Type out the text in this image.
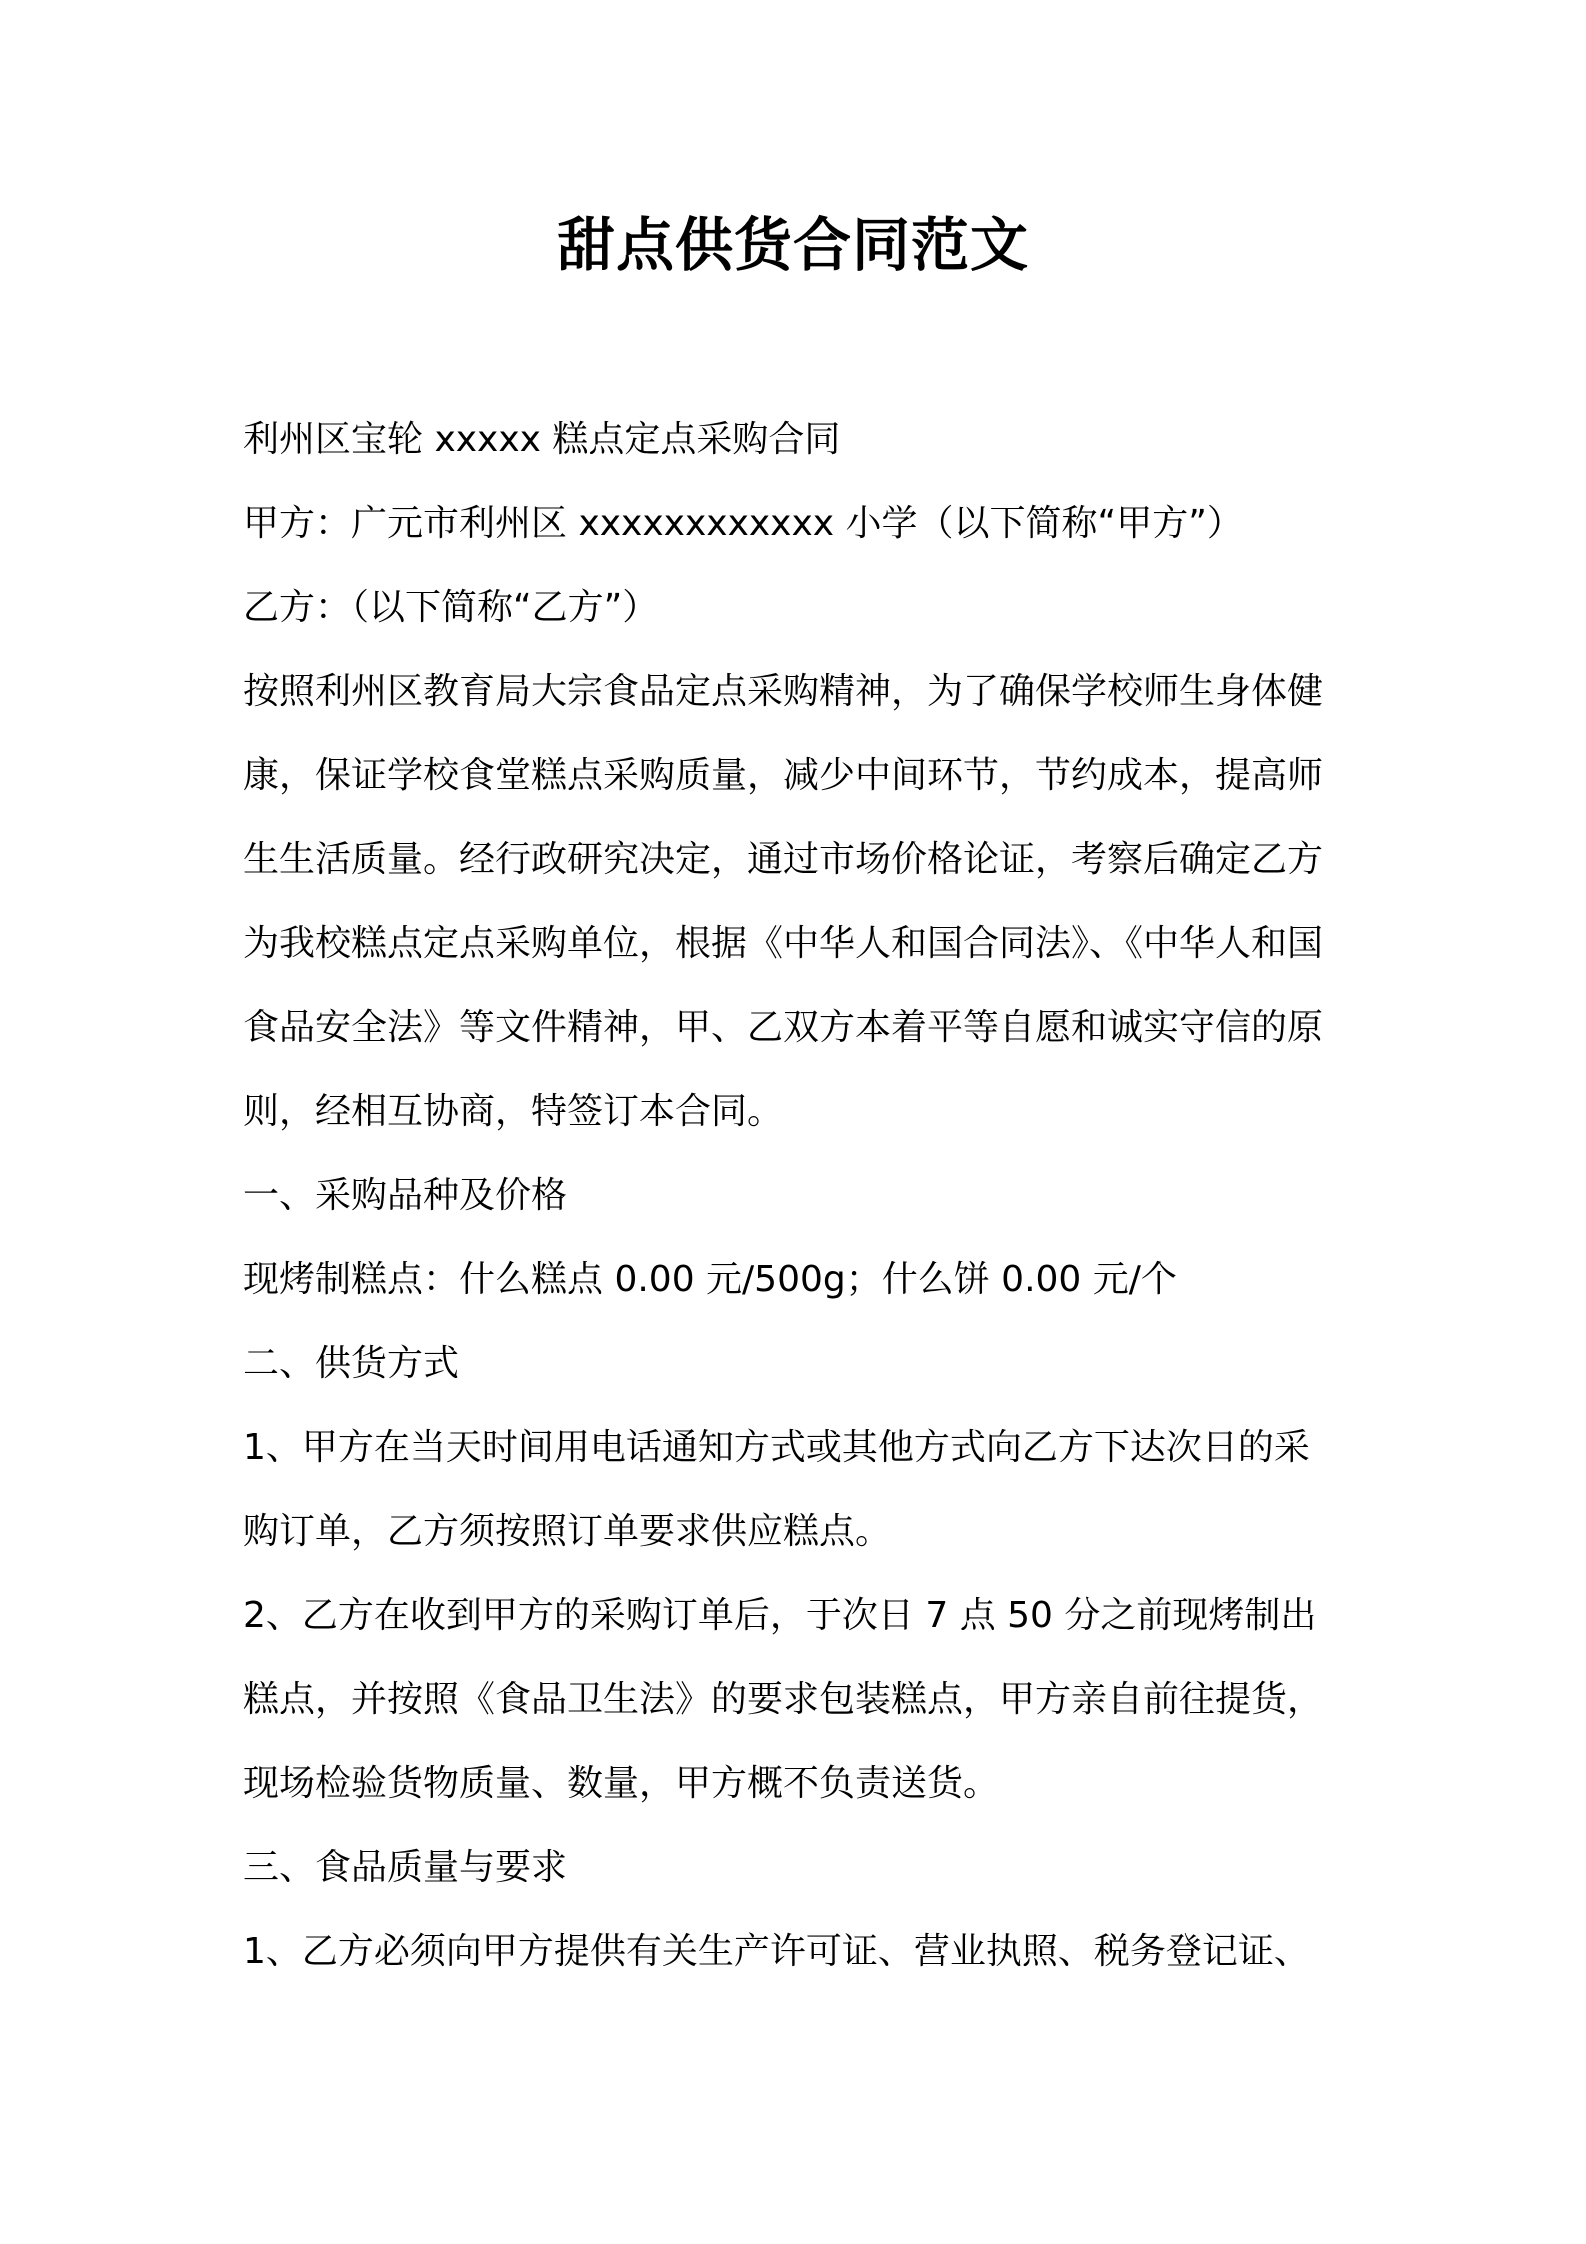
甜点供货合同范文

利州区宝轮 xxxxx 糕点定点采购合同

甲方：广元市利州区 xxxxxxxxxxxx 小学（以下简称“甲方”）

乙方：（以下简称“乙方”）

按照利州区教育局大宗食品定点采购精神，为了确保学校师生身体健

康，保证学校食堂糕点采购质量，减少中间环节，节约成本，提高师

生生活质量。经行政研究决定，通过市场价格论证，考察后确定乙方

为我校糕点定点采购单位，根据《中华人和国合同法》、《中华人和国

食品安全法》等文件精神，甲、乙双方本着平等自愿和诚实守信的原

则，经相互协商，特签订本合同。

一、采购品种及价格

现烤制糕点：什么糕点 0.00 元/500g；什么饼 0.00 元/个

二、供货方式

1、甲方在当天时间用电话通知方式或其他方式向乙方下达次日的采

购订单，乙方须按照订单要求供应糕点。

2、乙方在收到甲方的采购订单后，于次日 7 点 50 分之前现烤制出

糕点，并按照《食品卫生法》的要求包装糕点，甲方亲自前往提货，

现场检验货物质量、数量，甲方概不负责送货。

三、食品质量与要求

1、乙方必须向甲方提供有关生产许可证、营业执照、税务登记证、
